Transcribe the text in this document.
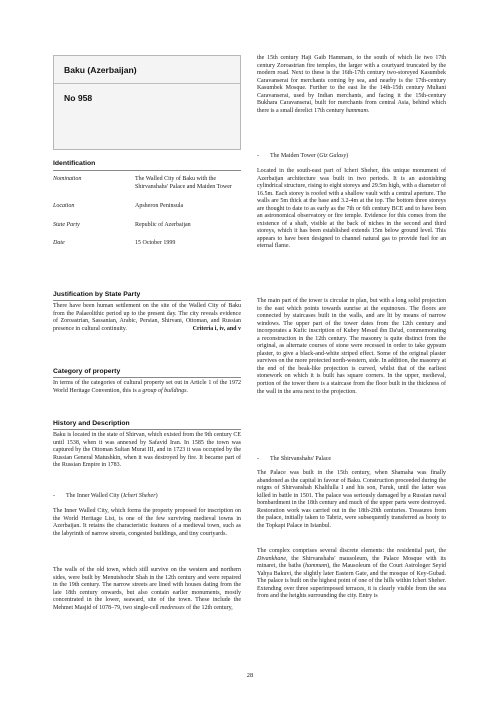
Baku (Azerbaijan)
No 958
Identification
Nomination	The Walled City of Baku with the Shirvanshahs' Palace and Maiden Tower
Location	Apsheron Peninsula
State Party	Republic of Azerbaijan
Date	15 October 1999
Justification by State Party
There have been human settlement on the site of the Walled City of Baku from the Palaeolithic period up to the present day. The city reveals evidence of Zoroastrian, Sassanian, Arabic, Persian, Shirvani, Ottoman, and Russian presence in cultural continuity.	Criteria i, iv, and v
Category of property
In terms of the categories of cultural property set out in Article 1 of the 1972 World Heritage Convention, this is a group of buildings.
History and Description
Baku is located in the state of Shirvan, which existed from the 9th century CE until 1538, when it was annexed by Safavid Iran. In 1585 the town was captured by the Ottoman Sultan Murat III, and in 1723 it was occupied by the Russian General Matushkin, when it was destroyed by fire. It became part of the Russian Empire in 1783.
- The Inner Walled City (Icheri Sheher)
The Inner Walled City, which forms the property proposed for inscription on the World Heritage List, is one of the few surviving medieval towns in Azerbaijan. It retains the characteristic features of a medieval town, such as the labyrinth of narrow streets, congested buildings, and tiny courtyards.
The walls of the old town, which still survive on the western and northern sides, were built by Menutshochr Shah in the 12th century and were repaired in the 19th century. The narrow streets are lined with houses dating from the late 18th century onwards, but also contain earlier monuments, mostly concentrated in the lower, seaward, site of the town. These include the Mehmet Masjid of 1078–79, two single-cell medresses of the 12th century,
the 15th century Haji Gaib Hammam, to the south of which lie two 17th century Zoroastrian fire temples, the larger with a courtyard truncated by the modern road. Next to these is the 16th-17th century two-storeyed Kasumbek Caravanserai for merchants coming by sea, and nearby is the 17th-century Kasumbek Mosque. Further to the east lie the 14th-15th century Multani Caravanserai, used by Indian merchants, and facing it the 15th-century Bukhara Caravanserai, built for merchants from central Asia, behind which there is a small derelict 17th century hammam.
- The Maiden Tower (Giz Galasy)
Located in the south-east part of Icheri Sheher, this unique monument of Azerbaijan architecture was built in two periods. It is an astonishing cylindrical structure, rising to eight storeys and 29.5m high, with a diameter of 16.5m. Each storey is roofed with a shallow vault with a central aperture. The walls are 5m thick at the base and 3.2-4m at the top. The bottom three storeys are thought to date to as early as the 7th or 6th century BCE and to have been an astronomical observatory or fire temple. Evidence for this comes from the existence of a shaft, visible at the back of niches in the second and third storeys, which it has been established extends 15m below ground level. This appears to have been designed to channel natural gas to provide fuel for an eternal flame.
The main part of the tower is circular in plan, but with a long solid projection to the east which points towards sunrise at the equinoxes. The floors are connected by staircases built in the walls, and are lit by means of narrow windows. The upper part of the tower dates from the 12th century and incorporates a Kufic inscription of Kubey Mesud ibn Da'ud, commemorating a reconstruction in the 12th century. The masonry is quite distinct from the original, as alternate courses of stone were recessed in order to take gypsum plaster, to give a black-and-white striped effect. Some of the original plaster survives on the more protected north-western, side. In addition, the masonry at the end of the beak-like projection is curved, whilst that of the earliest stonework on which it is built has square corners. In the upper, medieval, portion of the tower there is a staircase from the floor built in the thickness of the wall in the area next to the projection.
- The Shirvanshahs' Palace
The Palace was built in the 15th century, when Shamaha was finally abandoned as the capital in favour of Baku. Construction proceeded during the reigns of Shirvanshah Khalilulla I and his son, Faruk, until the latter was killed in battle in 1501. The palace was seriously damaged by a Russian naval bombardment in the 18th century and much of the upper parts were destroyed. Restoration work was carried out in the 18th-20th centuries. Treasures from the palace, initially taken to Tabriz, were subsequently transferred as booty to the Topkapi Palace in Istanbul.
The complex comprises several discrete elements: the residential part, the Divankhane, the Shirvanshahs' mausoleum, the Palace Mosque with its minaret, the baths (hammam), the Mausoleum of the Court Astrologer Seyid Yahya Bakuvi, the slightly later Eastern Gate, and the mosque of Key-Gubad. The palace is built on the highest point of one of the hills within Icheri Sheher. Extending over three superimposed terraces, it is clearly visible from the sea from and the heights surrounding the city. Entry is
28
